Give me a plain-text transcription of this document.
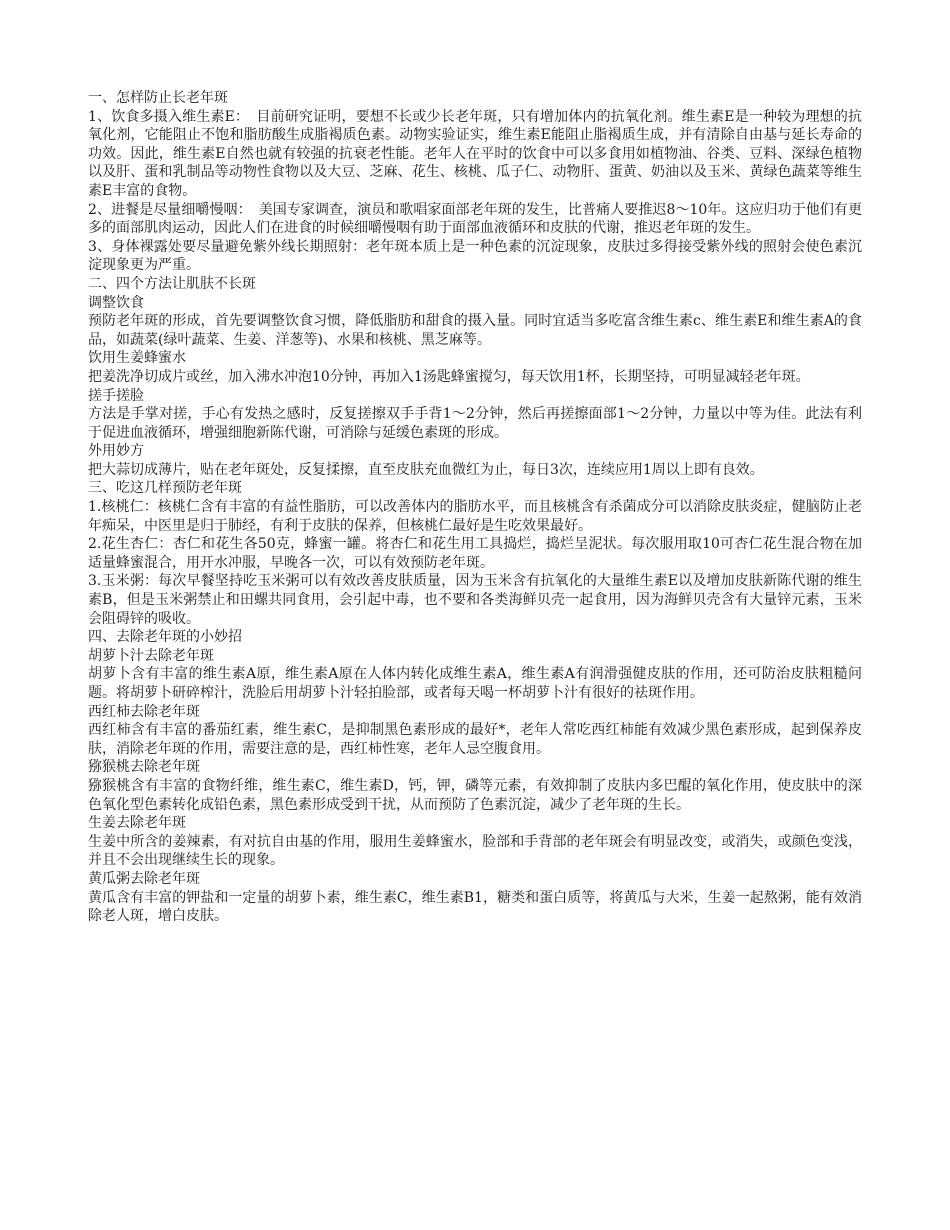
一、怎样防止长老年斑
1、饮食多摄入维生素E：　目前研究证明，要想不长或少长老年斑，只有增加体内的抗氧化剂。维生素E是一种较为理想的抗氧化剂，它能阻止不饱和脂肪酸生成脂褐质色素。动物实验证实，维生素E能阻止脂褐质生成，并有清除自由基与延长寿命的功效。因此，维生素E自然也就有较强的抗衰老性能。老年人在平时的饮食中可以多食用如植物油、谷类、豆料、深绿色植物以及肝、蛋和乳制品等动物性食物以及大豆、芝麻、花生、核桃、瓜子仁、动物肝、蛋黄、奶油以及玉米、黄绿色蔬菜等维生素E丰富的食物。
2、进餐是尽量细嚼慢咽：　美国专家调查，演员和歌唱家面部老年斑的发生，比普痛人要推迟8～10年。这应归功于他们有更多的面部肌肉运动，因此人们在进食的时候细嚼慢咽有助于面部血液循环和皮肤的代谢，推迟老年斑的发生。
3、身体裸露处要尽量避免紫外线长期照射：老年斑本质上是一种色素的沉淀现象，皮肤过多得接受紫外线的照射会使色素沉淀现象更为严重。
二、四个方法让肌肤不长斑
调整饮食
预防老年斑的形成，首先要调整饮食习惯，降低脂肪和甜食的摄入量。同时宜适当多吃富含维生素c、维生素E和维生素A的食品，如蔬菜(绿叶蔬菜、生姜、洋葱等)、水果和核桃、黑芝麻等。
饮用生姜蜂蜜水
把姜洗净切成片或丝，加入沸水冲泡10分钟，再加入1汤匙蜂蜜搅匀，每天饮用1杯，长期坚持，可明显减轻老年斑。
搓手搓脸
方法是手掌对搓，手心有发热之感时，反复搓擦双手手背1～2分钟，然后再搓擦面部1～2分钟，力量以中等为佳。此法有利于促进血液循环，增强细胞新陈代谢，可消除与延缓色素斑的形成。
外用妙方
把大蒜切成薄片，贴在老年斑处，反复揉擦，直至皮肤充血微红为止，每日3次，连续应用1周以上即有良效。
三、吃这几样预防老年斑
1.核桃仁：核桃仁含有丰富的有益性脂肪，可以改善体内的脂肪水平，而且核桃含有杀菌成分可以消除皮肤炎症，健脑防止老年痴呆，中医里是归于肺经，有利于皮肤的保养，但核桃仁最好是生吃效果最好。
2.花生杏仁：杏仁和花生各50克，蜂蜜一罐。将杏仁和花生用工具捣烂，捣烂呈泥状。每次服用取10可杏仁花生混合物在加适量蜂蜜混合，用开水冲服，早晚各一次，可以有效预防老年斑。
3.玉米粥：每次早餐坚持吃玉米粥可以有效改善皮肤质量，因为玉米含有抗氧化的大量维生素E以及增加皮肤新陈代谢的维生素B，但是玉米粥禁止和田螺共同食用，会引起中毒，也不要和各类海鲜贝壳一起食用，因为海鲜贝壳含有大量锌元素，玉米会阻碍锌的吸收。
四、去除老年斑的小妙招
胡萝卜汁去除老年斑
胡萝卜含有丰富的维生素A原，维生素A原在人体内转化成维生素A，维生素A有润滑强健皮肤的作用，还可防治皮肤粗糙问题。将胡萝卜研碎榨汁，洗脸后用胡萝卜汁轻拍脸部，或者每天喝一杯胡萝卜汁有很好的祛斑作用。
西红柿去除老年斑
西红柿含有丰富的番茄红素，维生素C，是抑制黑色素形成的最好*，老年人常吃西红柿能有效减少黑色素形成，起到保养皮肤，消除老年斑的作用，需要注意的是，西红柿性寒，老年人忌空腹食用。
猕猴桃去除老年斑
猕猴桃含有丰富的食物纤维，维生素C，维生素D，钙，钾，磷等元素，有效抑制了皮肤内多巴醌的氧化作用，使皮肤中的深色氧化型色素转化成铅色素，黑色素形成受到干扰，从而预防了色素沉淀，减少了老年斑的生长。
生姜去除老年斑
生姜中所含的姜辣素，有对抗自由基的作用，服用生姜蜂蜜水，脸部和手背部的老年斑会有明显改变，或消失，或颜色变浅，并且不会出现继续生长的现象。
黄瓜粥去除老年斑
黄瓜含有丰富的钾盐和一定量的胡萝卜素，维生素C，维生素B1，糖类和蛋白质等，将黄瓜与大米，生姜一起熬粥，能有效消除老人斑，增白皮肤。
